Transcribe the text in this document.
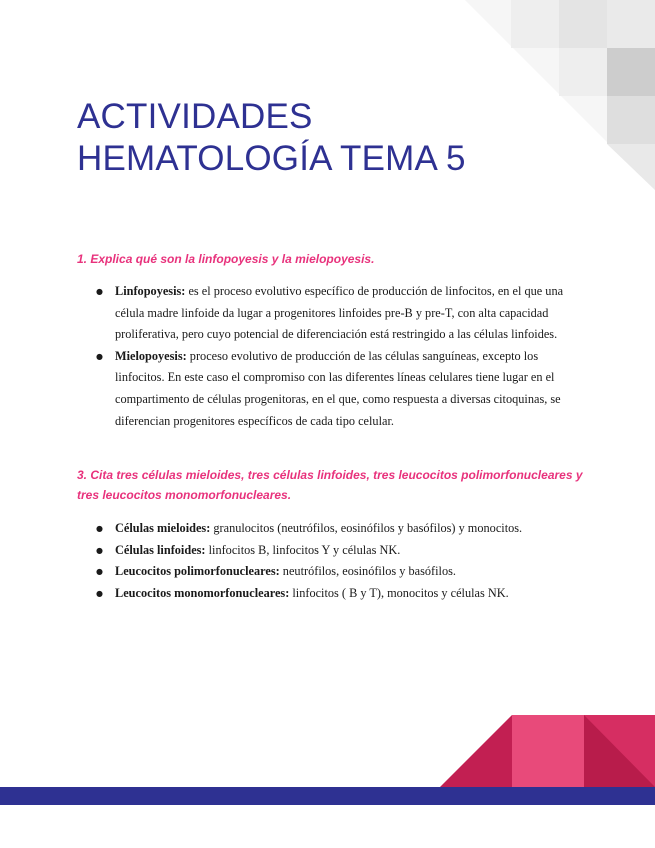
ACTIVIDADES
HEMATOLOGÍA TEMA 5

1. Explica qué son la linfopoyesis y la mielopoyesis.

● Linfopoyesis: es el proceso evolutivo específico de producción de linfocitos, en el que una célula madre linfoide da lugar a progenitores linfoides pre-B y pre-T, con alta capacidad proliferativa, pero cuyo potencial de diferenciación está restringido a las células linfoides.
● Mielopoyesis: proceso evolutivo de producción de las células sanguíneas, excepto los linfocitos. En este caso el compromiso con las diferentes líneas celulares tiene lugar en el compartimento de células progenitoras, en el que, como respuesta a diversas citoquinas, se diferencian progenitores específicos de cada tipo celular.

3. Cita tres células mieloides, tres células linfoides, tres leucocitos polimorfonucleares y tres leucocitos monomorfonucleares.

● Células mieloides: granulocitos (neutrófilos, eosinófilos y basófilos) y monocitos.
● Células linfoides: linfocitos B, linfocitos Y y células NK.
● Leucocitos polimorfonucleares: neutrófilos, eosinófilos y basófilos.
● Leucocitos monomorfonucleares: linfocitos ( B y T), monocitos y células NK.
